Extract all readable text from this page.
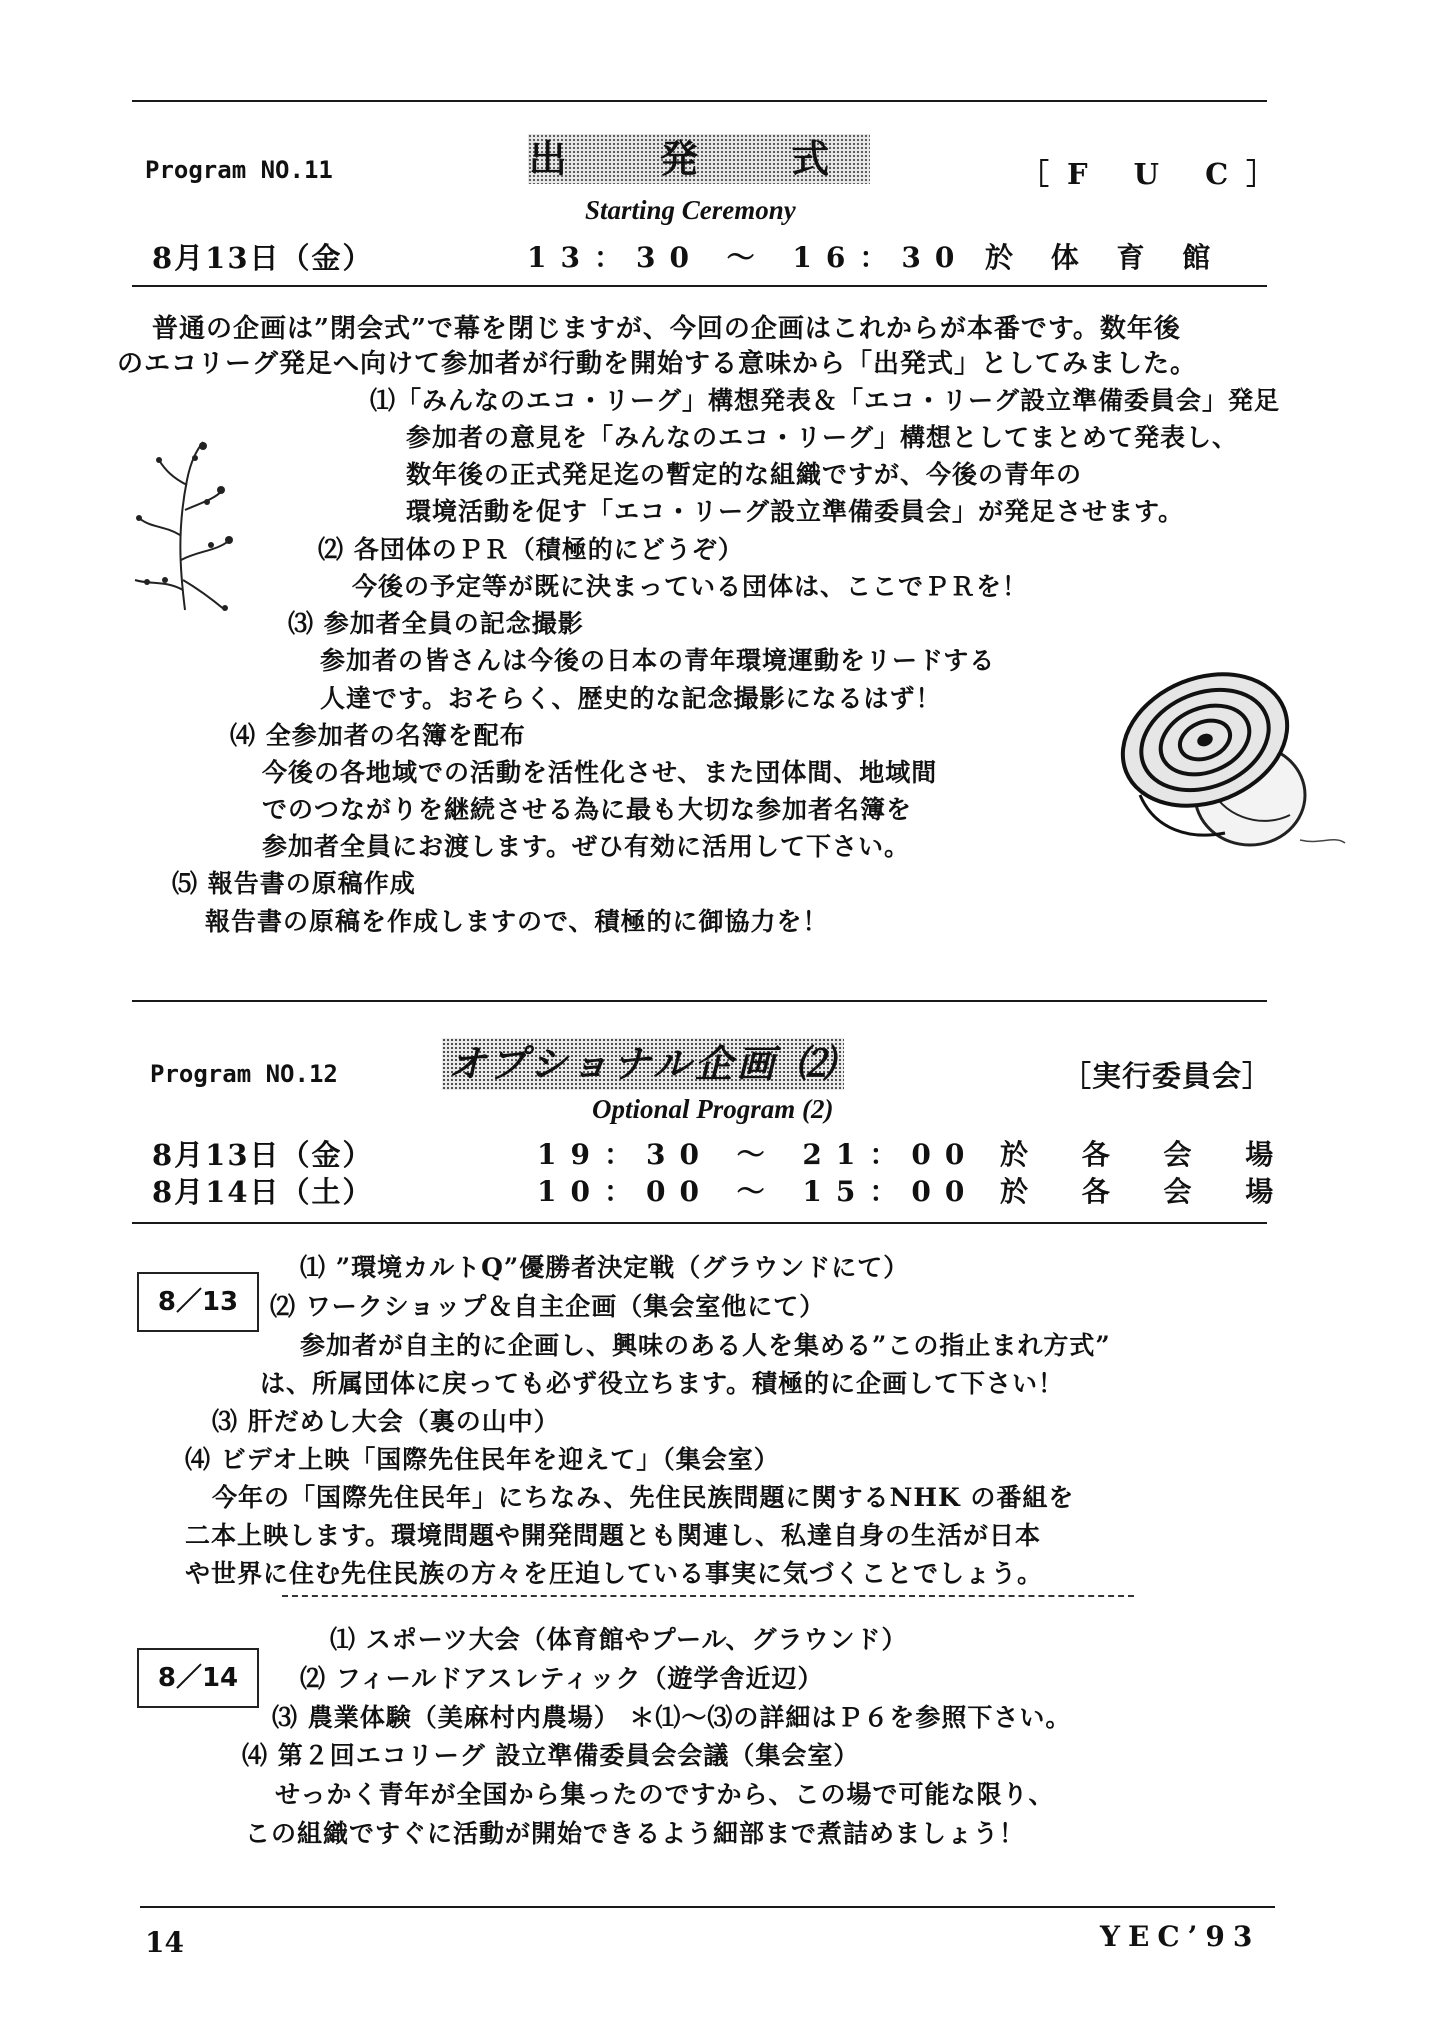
Program NO.11	出 発 式	［F U C］
Starting Ceremony
8月13日（金）	13：30 ～ 16：30 於 体 育 館
普通の企画は”閉会式”で幕を閉じますが、今回の企画はこれからが本番です。数年後
のエコリーグ発足へ向けて参加者が行動を開始する意味から「出発式」としてみました。
⑴「みんなのエコ・リーグ」構想発表＆「エコ・リーグ設立準備委員会」発足
参加者の意見を「みんなのエコ・リーグ」構想としてまとめて発表し、
数年後の正式発足迄の暫定的な組織ですが、今後の青年の
環境活動を促す「エコ・リーグ設立準備委員会」が発足させます。
⑵ 各団体のＰＲ（積極的にどうぞ）
今後の予定等が既に決まっている団体は、ここでＰＲを！
⑶ 参加者全員の記念撮影
参加者の皆さんは今後の日本の青年環境運動をリードする
人達です。おそらく、歴史的な記念撮影になるはず！
⑷ 全参加者の名簿を配布
今後の各地域での活動を活性化させ、また団体間、地域間
でのつながりを継続させる為に最も大切な参加者名簿を
参加者全員にお渡します。ぜひ有効に活用して下さい。
⑸ 報告書の原稿作成
報告書の原稿を作成しますので、積極的に御協力を！
Program NO.12	オプショナル企画 ⑵	［実行委員会］
Optional Program (2)
8月13日（金）	19：30 ～ 21：00 於 各 会 場
8月14日（土）	10：00 ～ 15：00 於 各 会 場
8／13
⑴ ”環境カルトQ”優勝者決定戦（グラウンドにて）
⑵ ワークショップ＆自主企画（集会室他にて）
参加者が自主的に企画し、興味のある人を集める”この指止まれ方式”
は、所属団体に戻っても必ず役立ちます。積極的に企画して下さい！
⑶ 肝だめし大会（裏の山中）
⑷ ビデオ上映「国際先住民年を迎えて」（集会室）
今年の「国際先住民年」にちなみ、先住民族問題に関するNHK の番組を
二本上映します。環境問題や開発問題とも関連し、私達自身の生活が日本
や世界に住む先住民族の方々を圧迫している事実に気づくことでしょう。
8／14
⑴ スポーツ大会（体育館やプール、グラウンド）
⑵ フィールドアスレティック（遊学舎近辺）
⑶ 農業体験（美麻村内農場） ＊⑴～⑶の詳細はＰ６を参照下さい。
⑷ 第２回エコリーグ 設立準備委員会会議（集会室）
せっかく青年が全国から集ったのですから、この場で可能な限り、
この組織ですぐに活動が開始できるよう細部まで煮詰めましょう！
14	YEC’93
